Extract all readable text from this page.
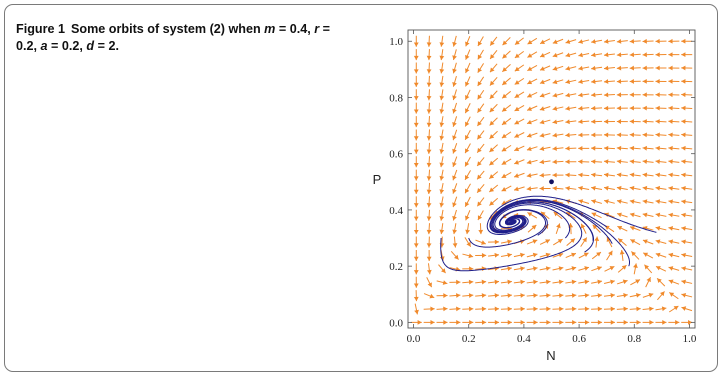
Figure 1 Some orbits of system (2) when m = 0.4, r = 0.2, a = 0.2, d = 2.
0.0	0.2	0.4	0.6	0.8	1.0
0.0
0.2
0.4
0.6
0.8
1.0
N
P
